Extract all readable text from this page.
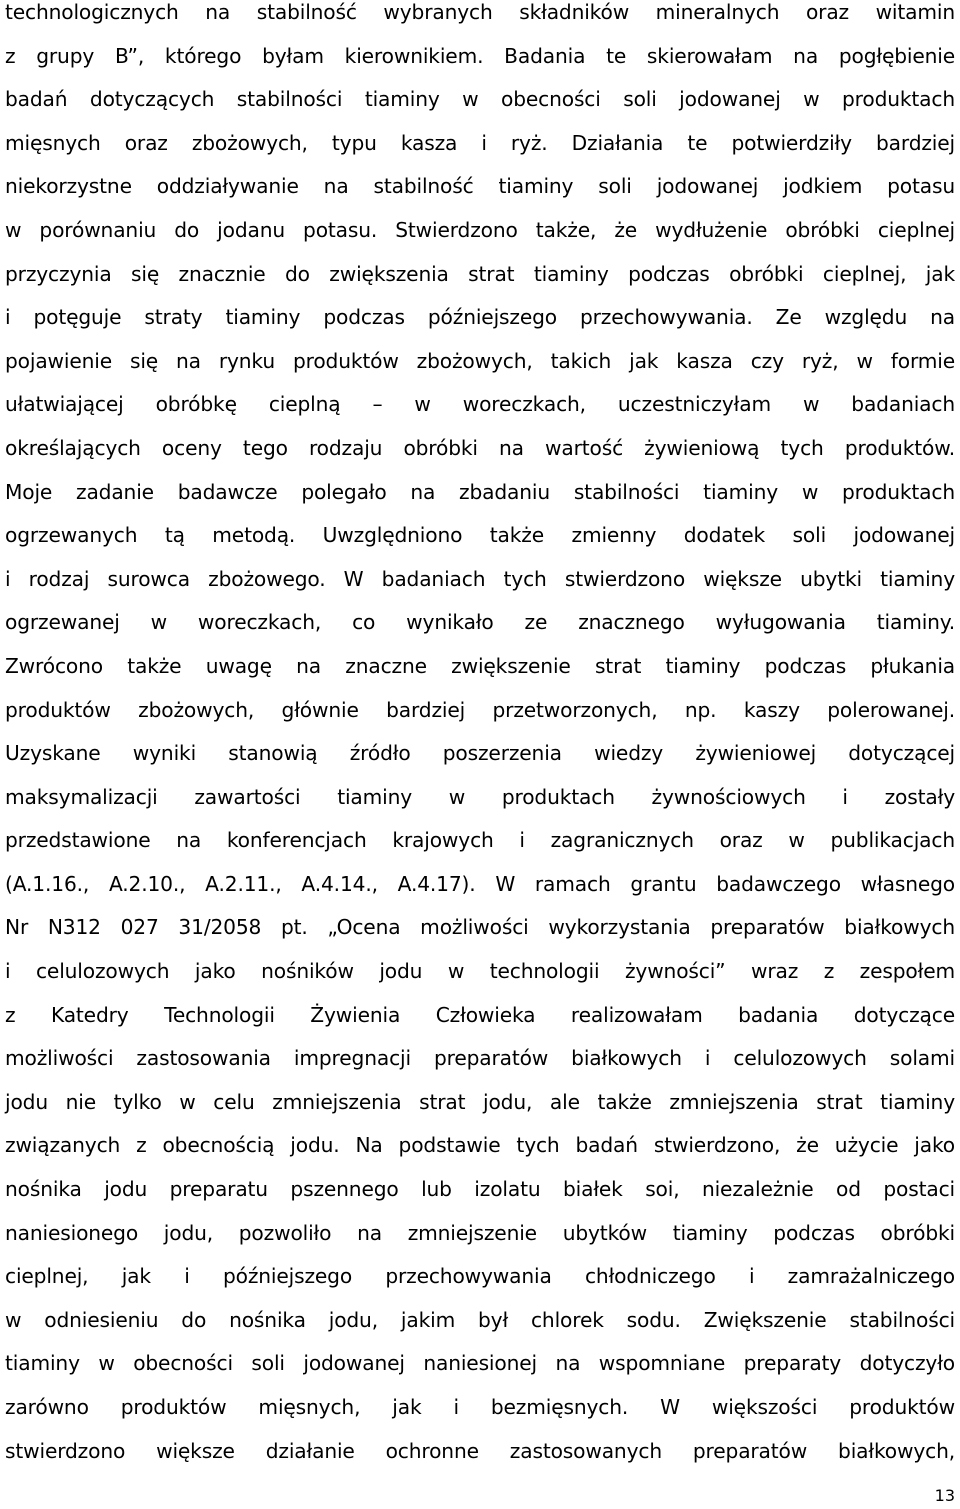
technologicznych na stabilność wybranych składników mineralnych oraz witamin
z grupy B”, którego byłam kierownikiem. Badania te skierowałam na pogłębienie
badań dotyczących stabilności tiaminy w obecności soli jodowanej w produktach
mięsnych oraz zbożowych, typu kasza i ryż. Działania te potwierdziły bardziej
niekorzystne oddziaływanie na stabilność tiaminy soli jodowanej jodkiem potasu
w porównaniu do jodanu potasu. Stwierdzono także, że wydłużenie obróbki cieplnej
przyczynia się znacznie do zwiększenia strat tiaminy podczas obróbki cieplnej, jak
i potęguje straty tiaminy podczas późniejszego przechowywania. Ze względu na
pojawienie się na rynku produktów zbożowych, takich jak kasza czy ryż, w formie
ułatwiającej obróbkę cieplną – w woreczkach, uczestniczyłam w badaniach
określających oceny tego rodzaju obróbki na wartość żywieniową tych produktów.
Moje zadanie badawcze polegało na zbadaniu stabilności tiaminy w produktach
ogrzewanych tą metodą. Uwzględniono także zmienny dodatek soli jodowanej
i rodzaj surowca zbożowego. W badaniach tych stwierdzono większe ubytki tiaminy
ogrzewanej w woreczkach, co wynikało ze znacznego wyługowania tiaminy.
Zwrócono także uwagę na znaczne zwiększenie strat tiaminy podczas płukania
produktów zbożowych, głównie bardziej przetworzonych, np. kaszy polerowanej.
Uzyskane wyniki stanowią źródło poszerzenia wiedzy żywieniowej dotyczącej
maksymalizacji zawartości tiaminy w produktach żywnościowych i zostały
przedstawione na konferencjach krajowych i zagranicznych oraz w publikacjach
(A.1.16., A.2.10., A.2.11., A.4.14., A.4.17). W ramach grantu badawczego własnego
Nr N312 027 31/2058 pt. „Ocena możliwości wykorzystania preparatów białkowych
i celulozowych jako nośników jodu w technologii żywności” wraz z zespołem
z Katedry Technologii Żywienia Człowieka realizowałam badania dotyczące
możliwości zastosowania impregnacji preparatów białkowych i celulozowych solami
jodu nie tylko w celu zmniejszenia strat jodu, ale także zmniejszenia strat tiaminy
związanych z obecnością jodu. Na podstawie tych badań stwierdzono, że użycie jako
nośnika jodu preparatu pszennego lub izolatu białek soi, niezależnie od postaci
naniesionego jodu, pozwoliło na zmniejszenie ubytków tiaminy podczas obróbki
cieplnej, jak i późniejszego przechowywania chłodniczego i zamrażalniczego
w odniesieniu do nośnika jodu, jakim był chlorek sodu. Zwiększenie stabilności
tiaminy w obecności soli jodowanej naniesionej na wspomniane preparaty dotyczyło
zarówno produktów mięsnych, jak i bezmięsnych. W większości produktów
stwierdzono większe działanie ochronne zastosowanych preparatów białkowych,
13
